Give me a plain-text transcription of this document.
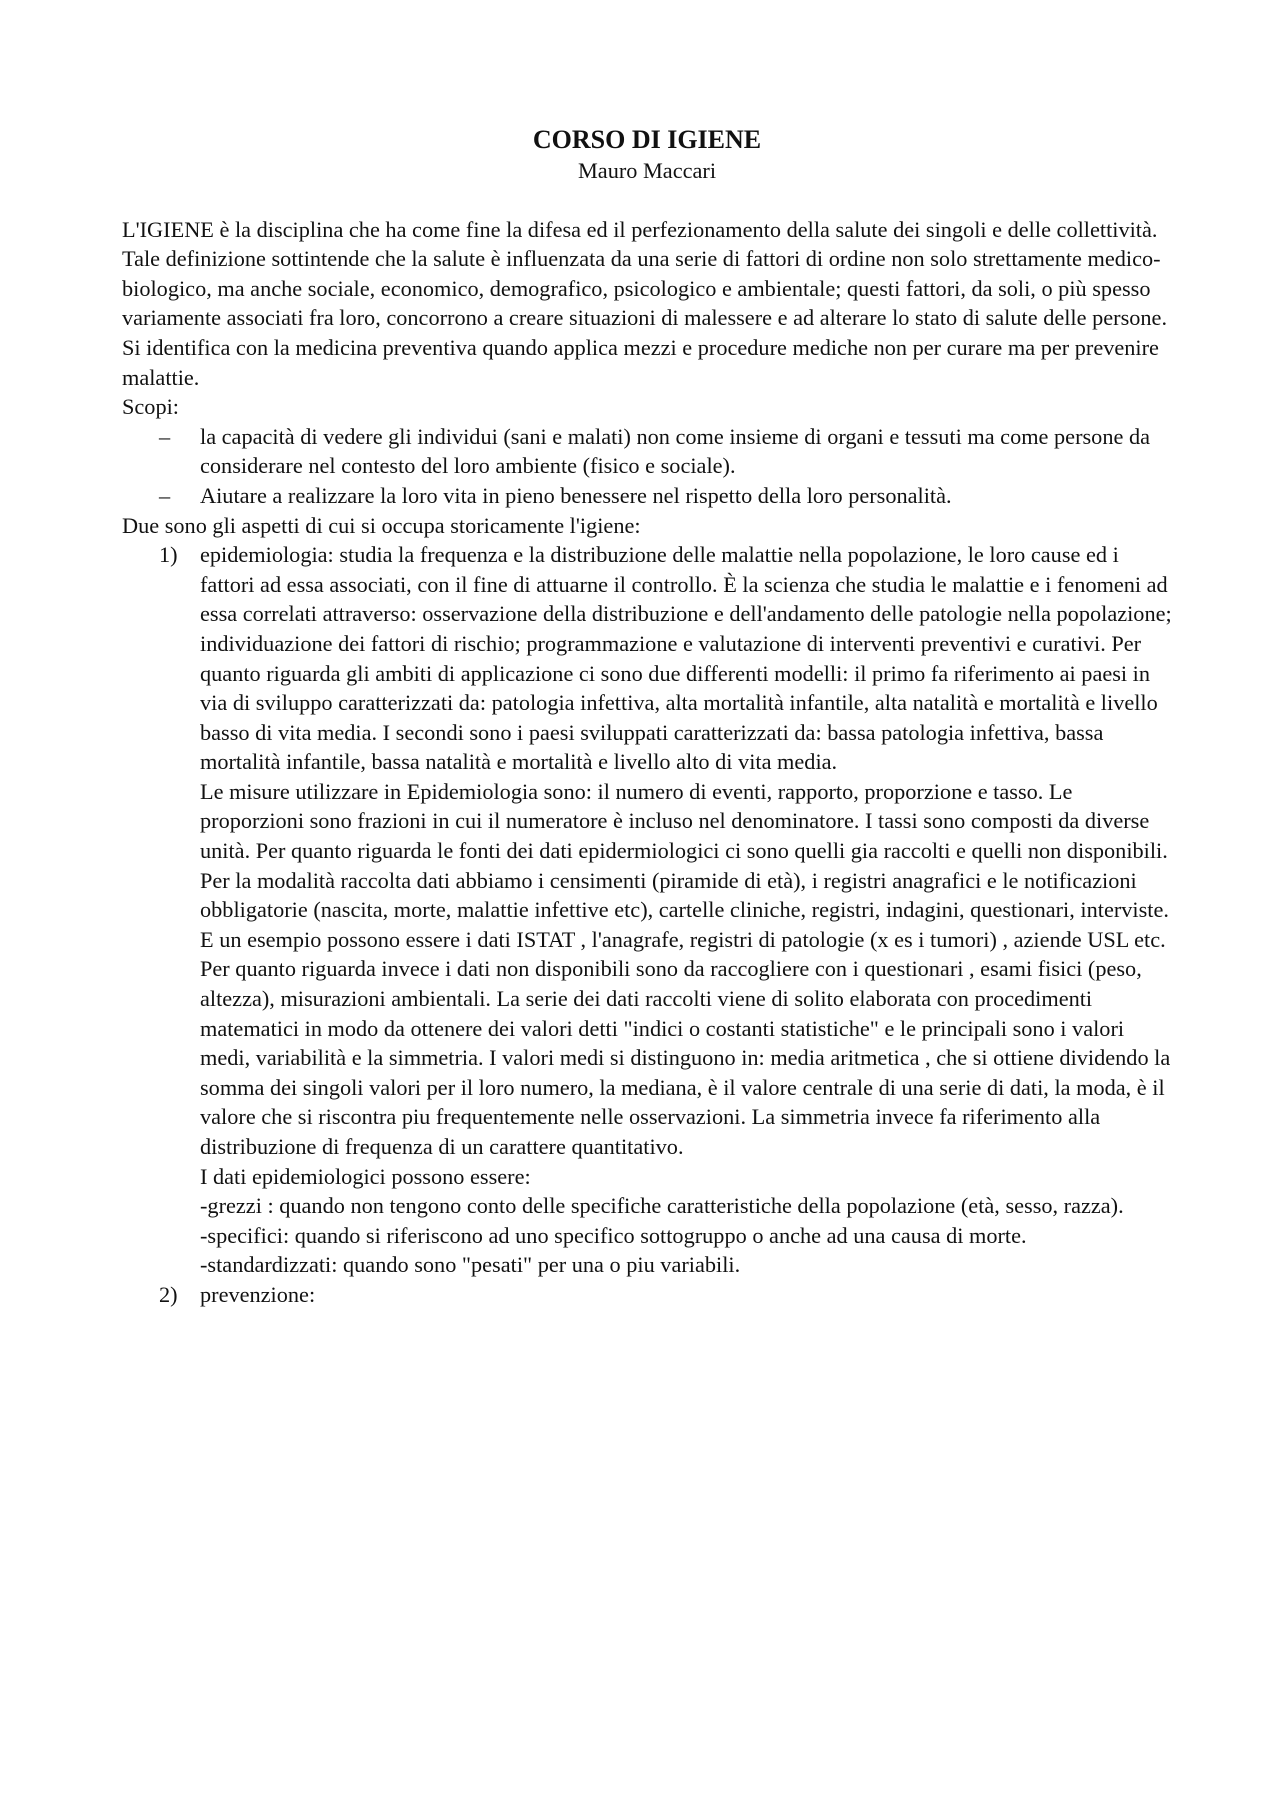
CORSO DI IGIENE

Mauro Maccari

L'IGIENE è la disciplina che ha come fine la difesa ed il perfezionamento della salute dei singoli e delle collettività. Tale definizione sottintende che la salute è influenzata da una serie di fattori di ordine non solo strettamente medico-biologico, ma anche sociale, economico, demografico, psicologico e ambientale; questi fattori, da soli, o più spesso variamente associati fra loro, concorrono a creare situazioni di malessere e ad alterare lo stato di salute delle persone.

Si identifica con la medicina preventiva quando applica mezzi e procedure mediche non per curare ma per prevenire malattie.

Scopi:

– la capacità di vedere gli individui (sani e malati) non come insieme di organi e tessuti ma come persone da considerare nel contesto del loro ambiente (fisico e sociale).
– Aiutare a realizzare la loro vita in pieno benessere nel rispetto della loro personalità.

Due sono gli aspetti di cui si occupa storicamente l'igiene:

1) epidemiologia: studia la frequenza e la distribuzione delle malattie nella popolazione, le loro cause ed i fattori ad essa associati, con il fine di attuarne il controllo. È la scienza che studia le malattie e i fenomeni ad essa correlati attraverso: osservazione della distribuzione e dell'andamento delle patologie nella popolazione; individuazione dei fattori di rischio; programmazione e valutazione di interventi preventivi e curativi. Per quanto riguarda gli ambiti di applicazione ci sono due differenti modelli: il primo fa riferimento ai paesi in via di sviluppo caratterizzati da: patologia infettiva, alta mortalità infantile, alta natalità e mortalità e livello basso di vita media. I secondi sono i paesi sviluppati caratterizzati da: bassa patologia infettiva, bassa mortalità infantile, bassa natalità e mortalità e livello alto di vita media.

Le misure utilizzare in Epidemiologia sono: il numero di eventi, rapporto, proporzione e tasso. Le proporzioni sono frazioni in cui il numeratore è incluso nel denominatore. I tassi sono composti da diverse unità. Per quanto riguarda le fonti dei dati epidermiologici ci sono quelli gia raccolti e quelli non disponibili. Per la modalità raccolta dati abbiamo i censimenti (piramide di età), i registri anagrafici e le notificazioni obbligatorie (nascita, morte, malattie infettive etc), cartelle cliniche, registri, indagini, questionari, interviste. E un esempio possono essere i dati ISTAT , l'anagrafe, registri di patologie (x es i tumori) , aziende USL etc. Per quanto riguarda invece i dati non disponibili sono da raccogliere con i questionari , esami fisici (peso, altezza), misurazioni ambientali. La serie dei dati raccolti viene di solito elaborata con procedimenti matematici in modo da ottenere dei valori detti "indici o costanti statistiche" e le principali sono i valori medi, variabilità e la simmetria. I valori medi si distinguono in: media aritmetica , che si ottiene dividendo la somma dei singoli valori per il loro numero, la mediana, è il valore centrale di una serie di dati, la moda, è il valore che si riscontra piu frequentemente nelle osservazioni. La simmetria invece fa riferimento alla distribuzione di frequenza di un carattere quantitativo.

I dati epidemiologici possono essere:

-grezzi : quando non tengono conto delle specifiche caratteristiche della popolazione (età, sesso, razza).

-specifici: quando si riferiscono ad uno specifico sottogruppo o anche ad una causa di morte.

-standardizzati: quando sono "pesati" per una o piu variabili.

2) prevenzione:
